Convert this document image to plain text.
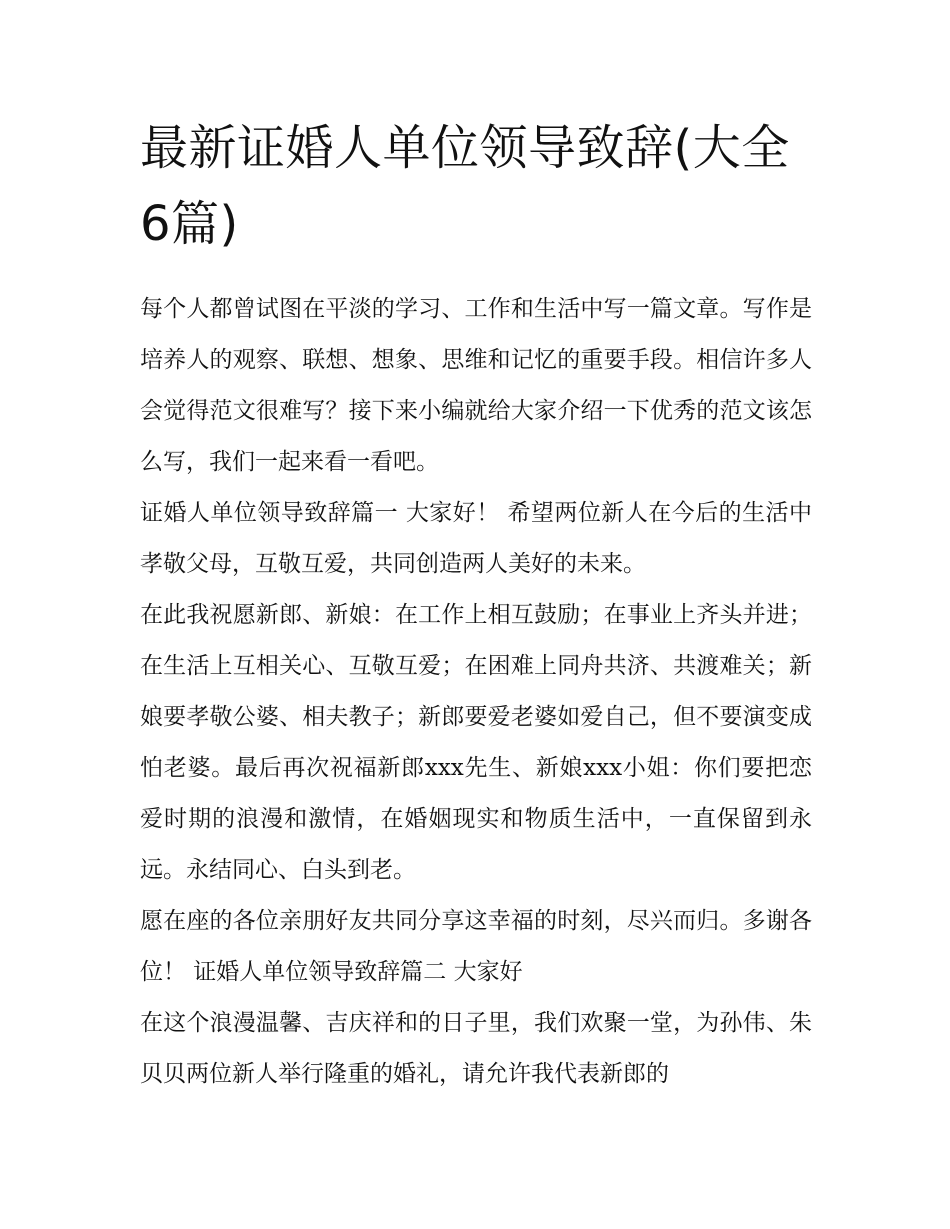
最新证婚人单位领导致辞(大全6篇)

每个人都曾试图在平淡的学习、工作和生活中写一篇文章。写作是培养人的观察、联想、想象、思维和记忆的重要手段。相信许多人会觉得范文很难写？接下来小编就给大家介绍一下优秀的范文该怎么写，我们一起来看一看吧。

证婚人单位领导致辞篇一 大家好！ 希望两位新人在今后的生活中孝敬父母，互敬互爱，共同创造两人美好的未来。

在此我祝愿新郎、新娘：在工作上相互鼓励；在事业上齐头并进；在生活上互相关心、互敬互爱；在困难上同舟共济、共渡难关；新娘要孝敬公婆、相夫教子；新郎要爱老婆如爱自己，但不要演变成怕老婆。最后再次祝福新郎xxx先生、新娘xxx小姐：你们要把恋爱时期的浪漫和激情，在婚姻现实和物质生活中，一直保留到永远。永结同心、白头到老。

愿在座的各位亲朋好友共同分享这幸福的时刻，尽兴而归。多谢各位！ 证婚人单位领导致辞篇二 大家好

在这个浪漫温馨、吉庆祥和的日子里，我们欢聚一堂，为孙伟、朱贝贝两位新人举行隆重的婚礼，请允许我代表新郎的
